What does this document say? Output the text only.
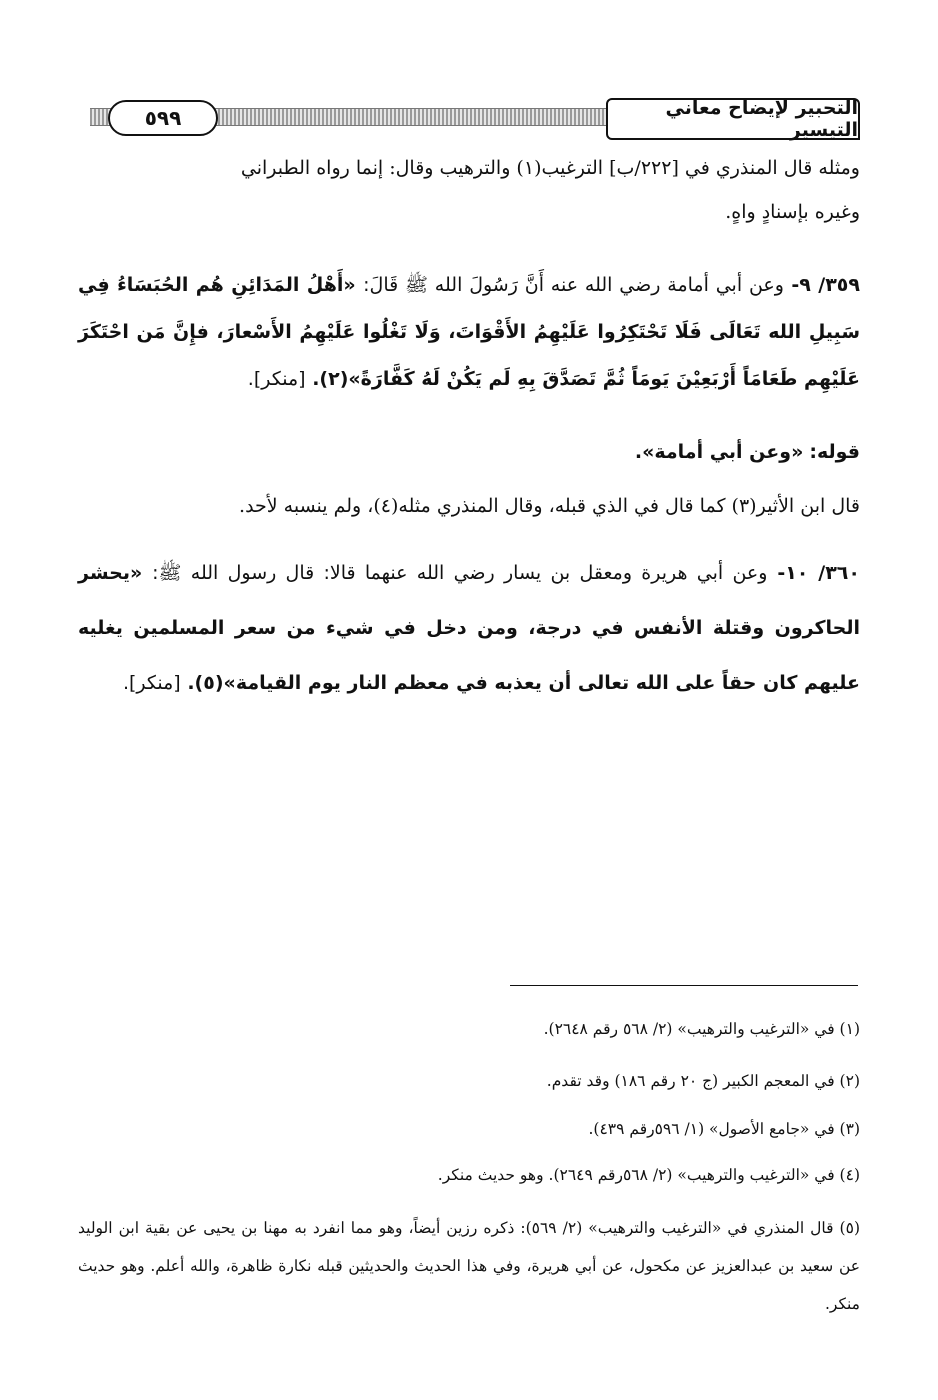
٥٩٩	التحبير لإيضاح معاني التيسير
ومثله قال المنذري في [٢٢٢/ب] الترغيب(١) والترهيب وقال: إنما رواه الطبراني
وغيره بإسنادٍ واهٍ.
٣٥٩/ ٩- وعن أبي أمامة رضي الله عنه أَنَّ رَسُولَ الله ﷺ قَالَ: «أَهْلُ المَدَائِنِ هُم الحُبَسَاءُ فِي سَبِيلِ الله تَعَالَى فَلَا تَحْتَكِرُوا عَلَيْهِمُ الأَقْوَاتَ، وَلَا تَغْلُوا عَلَيْهِمُ الأَسْعارَ، فإِنَّ مَن احْتَكَرَ عَلَيْهِم طَعَامَاً أَرْبَعِيْنَ يَومَاً ثُمَّ تَصَدَّقَ بِهِ لَم يَكُنْ لَهُ كَفَّارَةً»(٢). [منكر].
قوله: «وعن أبي أمامة».
قال ابن الأثير(٣) كما قال في الذي قبله، وقال المنذري مثله(٤)، ولم ينسبه لأحد.
٣٦٠/ ١٠- وعن أبي هريرة ومعقل بن يسار رضي الله عنهما قالا: قال رسول الله ﷺ: «يحشر الحاكرون وقتلة الأنفس في درجة، ومن دخل في شيء من سعر المسلمين يغليه عليهم كان حقاً على الله تعالى أن يعذبه في معظم النار يوم القيامة»(٥). [منكر].
(١) في «الترغيب والترهيب» (٢/ ٥٦٨ رقم ٢٦٤٨).
(٢) في المعجم الكبير (ج ٢٠ رقم ١٨٦) وقد تقدم.
(٣) في «جامع الأصول» (١/ ٥٩٦رقم ٤٣٩).
(٤) في «الترغيب والترهيب» (٢/ ٥٦٨رقم ٢٦٤٩). وهو حديث منكر.
(٥) قال المنذري في «الترغيب والترهيب» (٢/ ٥٦٩): ذكره رزين أيضاً، وهو مما انفرد به مهنا بن يحيى عن بقية ابن الوليد عن سعيد بن عبدالعزيز عن مكحول، عن أبي هريرة، وفي هذا الحديث والحديثين قبله نكارة ظاهرة، والله أعلم. وهو حديث منكر.
